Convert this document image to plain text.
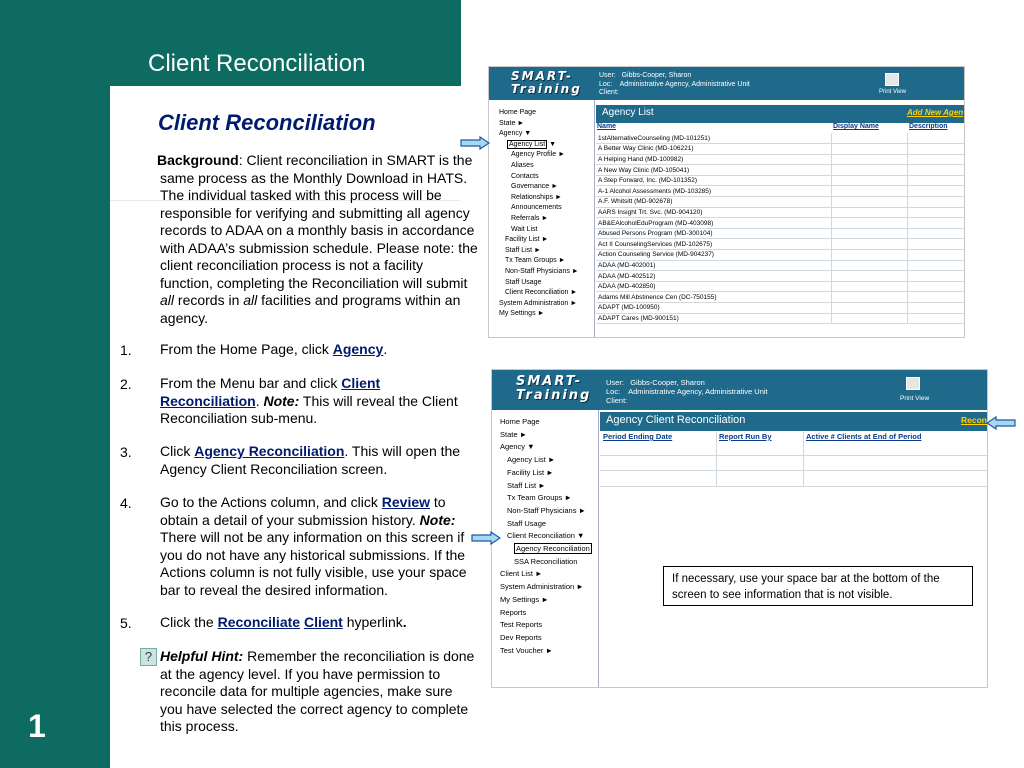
Client Reconciliation
1
Client Reconciliation
Background: Client reconciliation in SMART is the same process as the Monthly Download in HATS. The individual tasked with this process will be responsible for verifying and submitting all agency records to ADAA on a monthly basis in accordance with ADAA’s submission schedule. Please note: the client reconciliation process is not a facility function, completing the Reconciliation will submit all records in all facilities and programs within an agency.
1. From the Home Page, click Agency.
2. From the Menu bar and click Client Reconciliation. Note: This will reveal the Client Reconciliation sub-menu.
3. Click Agency Reconciliation. This will open the Agency Client Reconciliation screen.
4. Go to the Actions column, and click Review to obtain a detail of your submission history. Note: There will not be any information on this screen if you do not have any historical submissions. If the Actions column is not fully visible, use your space bar to reveal the desired information.
5. Click the Reconciliate Client hyperlink.
? Helpful Hint: Remember the reconciliation is done at the agency level. If you have permission to reconcile data for multiple agencies, make sure you have selected the correct agency to complete this process.
SMART-
Training
User: Gibbs-Cooper, Sharon
Loc: Administrative Agency, Administrative Unit
Client:	Print View
Home Page
State ►
Agency ▼
Agency List ▼
Agency Profile ►
Aliases
Contacts
Governance ►
Relationships ►
Announcements
Referrals ►
Wait List
Facility List ►
Staff List ►
Tx Team Groups ►
Non-Staff Physicians ►
Staff Usage
Client Reconciliation ►
System Administration ►
My Settings ►
Agency List	Add New Agen
Name	Display Name	Description
1stAlternativeCounseling (MD-101251)		
A Better Way Clinic (MD-106221)		
A Helping Hand (MD-100982)		
A New Way Clinic (MD-105041)		
A Step Forward, Inc. (MD-101352)		
A-1 Alcohol Assessments (MD-103285)		
A.F. Whitsitt (MD-902678)		
AARS Insight Trt. Svc. (MD-904120)		
AB&EAlcoholEduProgram (MD-403098)		
Abused Persons Program (MD-300104)		
Act II CounselingServices (MD-102675)		
Action Counseling Service (MD-904237)		
ADAA (MD-402001)		
ADAA (MD-402512)		
ADAA (MD-402850)		
Adams Mill Abstinence Cen (DC-750155)		
ADAPT (MD-100950)		
ADAPT Cares (MD-900151)		
SMART-
Training
User: Gibbs-Cooper, Sharon
Loc: Administrative Agency, Administrative Unit
Client:	Print View
Home Page
State ►
Agency ▼
Agency List ►
Facility List ►
Staff List ►
Tx Team Groups ►
Non-Staff Physicians ►
Staff Usage
Client Reconciliation ▼
Agency Reconciliation
SSA Reconciliation
Client List ►
System Administration ►
My Settings ►
Reports
Test Reports
Dev Reports
Test Voucher ►
Agency Client Reconciliation	Recon
Period Ending Date	Report Run By	Active # Clients at End of Period
If necessary, use your space bar at the bottom of the screen to see information that is not visible.
